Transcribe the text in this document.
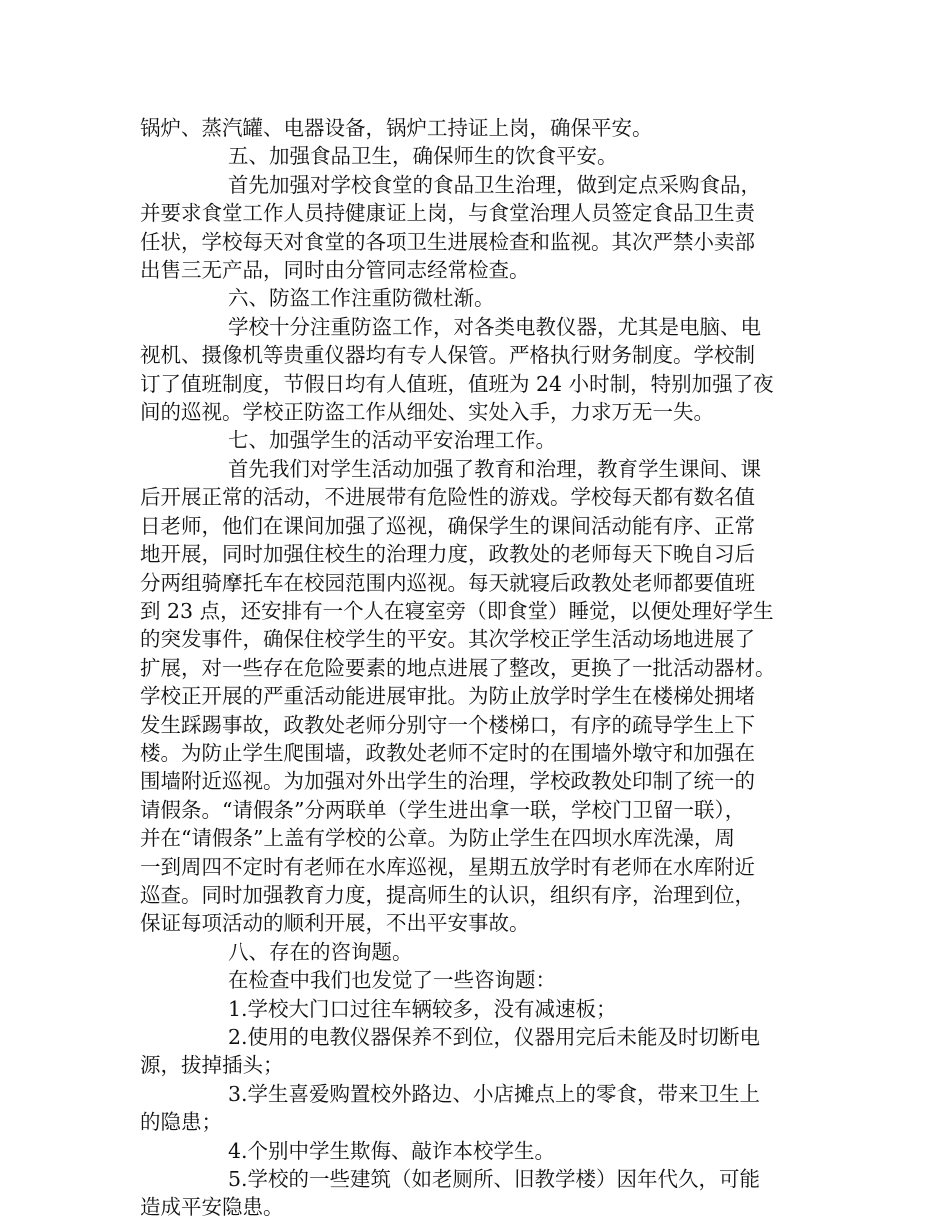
锅炉、蒸汽罐、电器设备，锅炉工持证上岗，确保平安。

五、加强食品卫生，确保师生的饮食平安。

首先加强对学校食堂的食品卫生治理，做到定点采购食品，
并要求食堂工作人员持健康证上岗，与食堂治理人员签定食品卫生责
任状，学校每天对食堂的各项卫生进展检查和监视。其次严禁小卖部
出售三无产品，同时由分管同志经常检查。

六、防盗工作注重防微杜渐。

学校十分注重防盗工作，对各类电教仪器，尤其是电脑、电
视机、摄像机等贵重仪器均有专人保管。严格执行财务制度。学校制
订了值班制度，节假日均有人值班，值班为 24 小时制，特别加强了夜
间的巡视。学校正防盗工作从细处、实处入手，力求万无一失。

七、加强学生的活动平安治理工作。

首先我们对学生活动加强了教育和治理，教育学生课间、课
后开展正常的活动，不进展带有危险性的游戏。学校每天都有数名值
日老师，他们在课间加强了巡视，确保学生的课间活动能有序、正常
地开展，同时加强住校生的治理力度，政教处的老师每天下晚自习后
分两组骑摩托车在校园范围内巡视。每天就寝后政教处老师都要值班
到 23 点，还安排有一个人在寝室旁（即食堂）睡觉，以便处理好学生
的突发事件，确保住校学生的平安。其次学校正学生活动场地进展了
扩展，对一些存在危险要素的地点进展了整改，更换了一批活动器材。
学校正开展的严重活动能进展审批。为防止放学时学生在楼梯处拥堵
发生踩踢事故，政教处老师分别守一个楼梯口，有序的疏导学生上下
楼。为防止学生爬围墙，政教处老师不定时的在围墙外墩守和加强在
围墙附近巡视。为加强对外出学生的治理，学校政教处印制了统一的
请假条。“请假条”分两联单（学生进出拿一联，学校门卫留一联），
并在“请假条”上盖有学校的公章。为防止学生在四坝水库洗澡，周
一到周四不定时有老师在水库巡视，星期五放学时有老师在水库附近
巡查。同时加强教育力度，提高师生的认识，组织有序，治理到位，
保证每项活动的顺利开展，不出平安事故。

八、存在的咨询题。

在检查中我们也发觉了一些咨询题：

1.学校大门口过往车辆较多，没有减速板；

2.使用的电教仪器保养不到位，仪器用完后未能及时切断电
源，拔掉插头；

3.学生喜爱购置校外路边、小店摊点上的零食，带来卫生上
的隐患；

4.个别中学生欺侮、敲诈本校学生。

5.学校的一些建筑（如老厕所、旧教学楼）因年代久，可能
造成平安隐患。
